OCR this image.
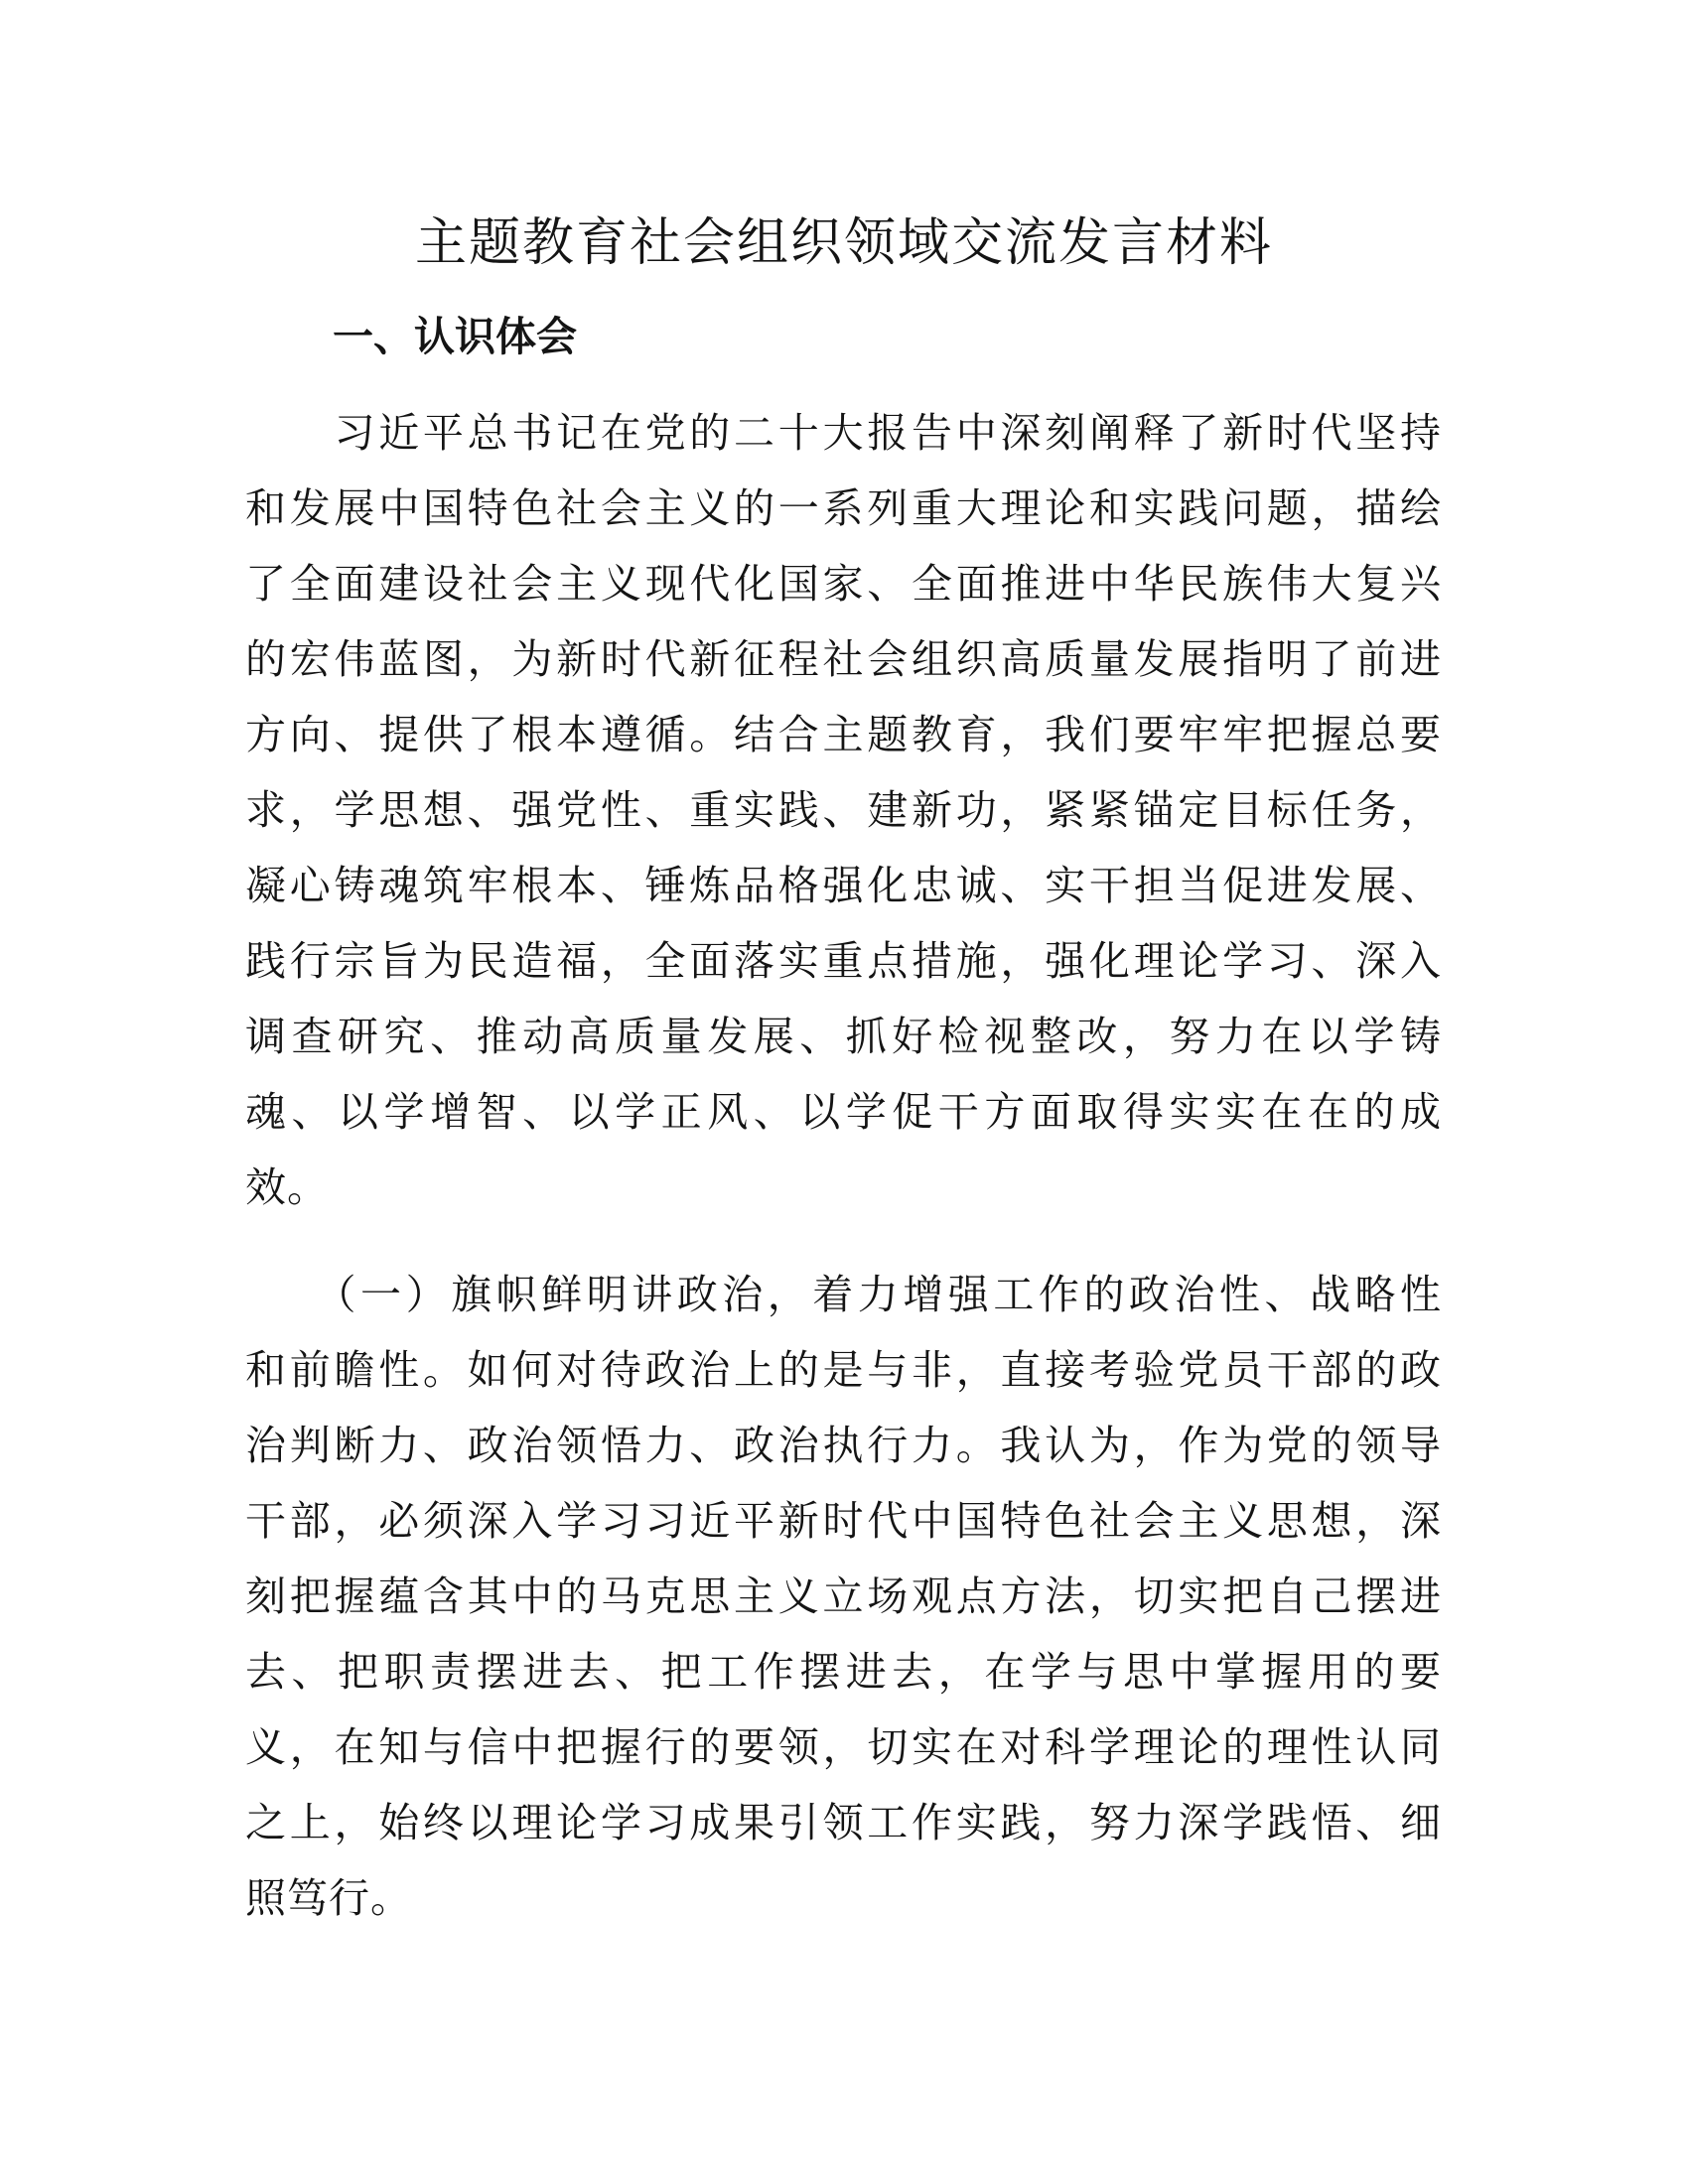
主题教育社会组织领域交流发言材料
一、认识体会
　　习近平总书记在党的二十大报告中深刻阐释了新时代坚持
和发展中国特色社会主义的一系列重大理论和实践问题，描绘
了全面建设社会主义现代化国家、全面推进中华民族伟大复兴
的宏伟蓝图，为新时代新征程社会组织高质量发展指明了前进
方向、提供了根本遵循。结合主题教育，我们要牢牢把握总要
求，学思想、强党性、重实践、建新功，紧紧锚定目标任务，
凝心铸魂筑牢根本、锤炼品格强化忠诚、实干担当促进发展、
践行宗旨为民造福，全面落实重点措施，强化理论学习、深入
调查研究、推动高质量发展、抓好检视整改，努力在以学铸
魂、以学增智、以学正风、以学促干方面取得实实在在的成
效。
　　（一）旗帜鲜明讲政治，着力增强工作的政治性、战略性
和前瞻性。如何对待政治上的是与非，直接考验党员干部的政
治判断力、政治领悟力、政治执行力。我认为，作为党的领导
干部，必须深入学习习近平新时代中国特色社会主义思想，深
刻把握蕴含其中的马克思主义立场观点方法，切实把自己摆进
去、把职责摆进去、把工作摆进去，在学与思中掌握用的要
义，在知与信中把握行的要领，切实在对科学理论的理性认同
之上，始终以理论学习成果引领工作实践，努力深学践悟、细
照笃行。
